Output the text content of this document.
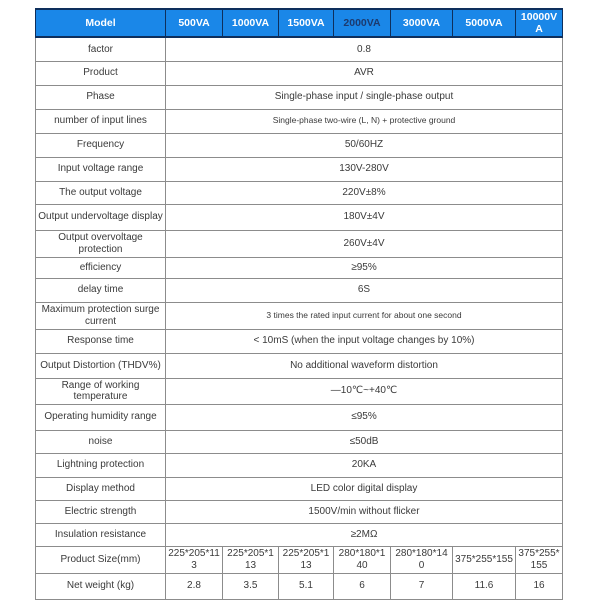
Model	500VA	1000VA	1500VA	2000VA	3000VA	5000VA	10000VA
factor	0.8						
Product	AVR						
Phase	Single-phase input / single-phase output						
number of input lines	Single-phase two-wire (L, N) + protective ground						
Frequency	50/60HZ						
Input voltage range	130V-280V						
The output voltage	220V±8%						
Output undervoltage display	180V±4V						
Output overvoltage protection	260V±4V						
efficiency	≥95%						
delay time	6S						
Maximum protection surge current	3 times the rated input current for about one second						
Response time	< 10mS (when the input voltage changes by 10%)						
Output Distortion (THDV%)	No additional waveform distortion						
Range of working temperature	—10℃~+40℃						
Operating humidity range	≤95%						
noise	≤50dB						
Lightning protection	20KA						
Display method	LED color digital display						
Electric strength	1500V/min without flicker						
Insulation resistance	≥2MΩ						
Product Size(mm)	225*205*113	225*205*113	225*205*113	280*180*140	280*180*140	375*255*155	375*255*155
Net weight (kg)	2.8	3.5	5.1	6	7	11.6	16
